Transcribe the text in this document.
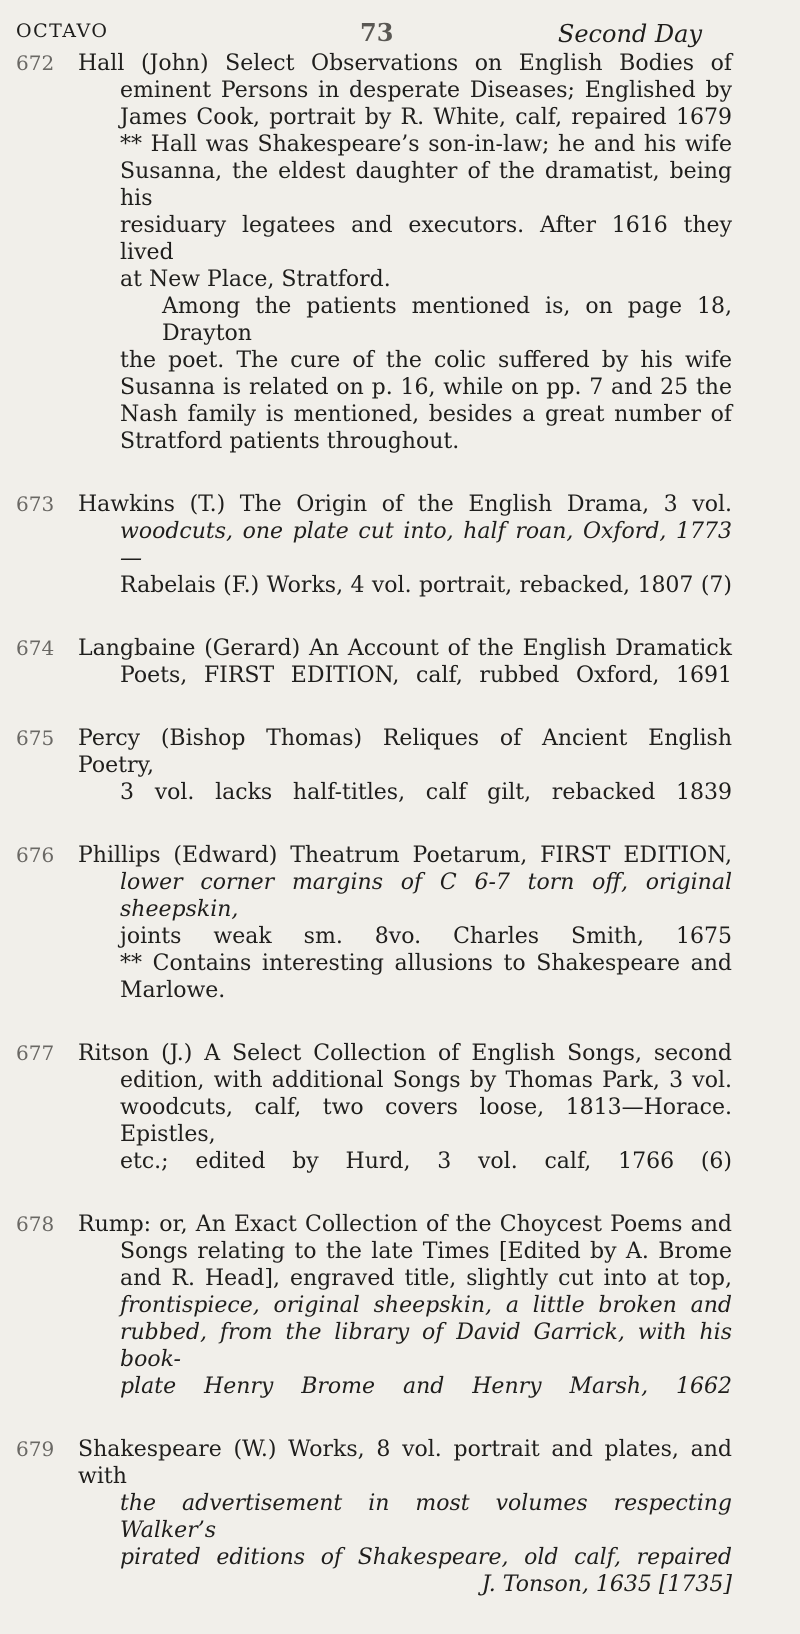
OCTAVO	73	Second Day
672 Hall (John) Select Observations on English Bodies of
eminent Persons in desperate Diseases; Englished by
James Cook, portrait by R. White, calf, repaired 1679
** Hall was Shakespeare’s son-in-law; he and his wife
Susanna, the eldest daughter of the dramatist, being his
residuary legatees and executors. After 1616 they lived
at New Place, Stratford.
Among the patients mentioned is, on page 18, Drayton
the poet. The cure of the colic suffered by his wife
Susanna is related on p. 16, while on pp. 7 and 25 the
Nash family is mentioned, besides a great number of
Stratford patients throughout.
673 Hawkins (T.) The Origin of the English Drama, 3 vol.
woodcuts, one plate cut into, half roan, Oxford, 1773—
Rabelais (F.) Works, 4 vol. portrait, rebacked, 1807 (7)
674 Langbaine (Gerard) An Account of the English Dramatick
Poets, FIRST EDITION, calf, rubbed Oxford, 1691
675 Percy (Bishop Thomas) Reliques of Ancient English Poetry,
3 vol. lacks half-titles, calf gilt, rebacked 1839
676 Phillips (Edward) Theatrum Poetarum, FIRST EDITION,
lower corner margins of C 6-7 torn off, original sheepskin,
joints weak sm. 8vo. Charles Smith, 1675
** Contains interesting allusions to Shakespeare and
Marlowe.
677 Ritson (J.) A Select Collection of English Songs, second
edition, with additional Songs by Thomas Park, 3 vol.
woodcuts, calf, two covers loose, 1813—Horace. Epistles,
etc.; edited by Hurd, 3 vol. calf, 1766 (6)
678 Rump: or, An Exact Collection of the Choycest Poems and
Songs relating to the late Times [Edited by A. Brome
and R. Head], engraved title, slightly cut into at top,
frontispiece, original sheepskin, a little broken and
rubbed, from the library of David Garrick, with his book-
plate Henry Brome and Henry Marsh, 1662
679 Shakespeare (W.) Works, 8 vol. portrait and plates, and with
the advertisement in most volumes respecting Walker’s
pirated editions of Shakespeare, old calf, repaired
J. Tonson, 1635 [1735]
